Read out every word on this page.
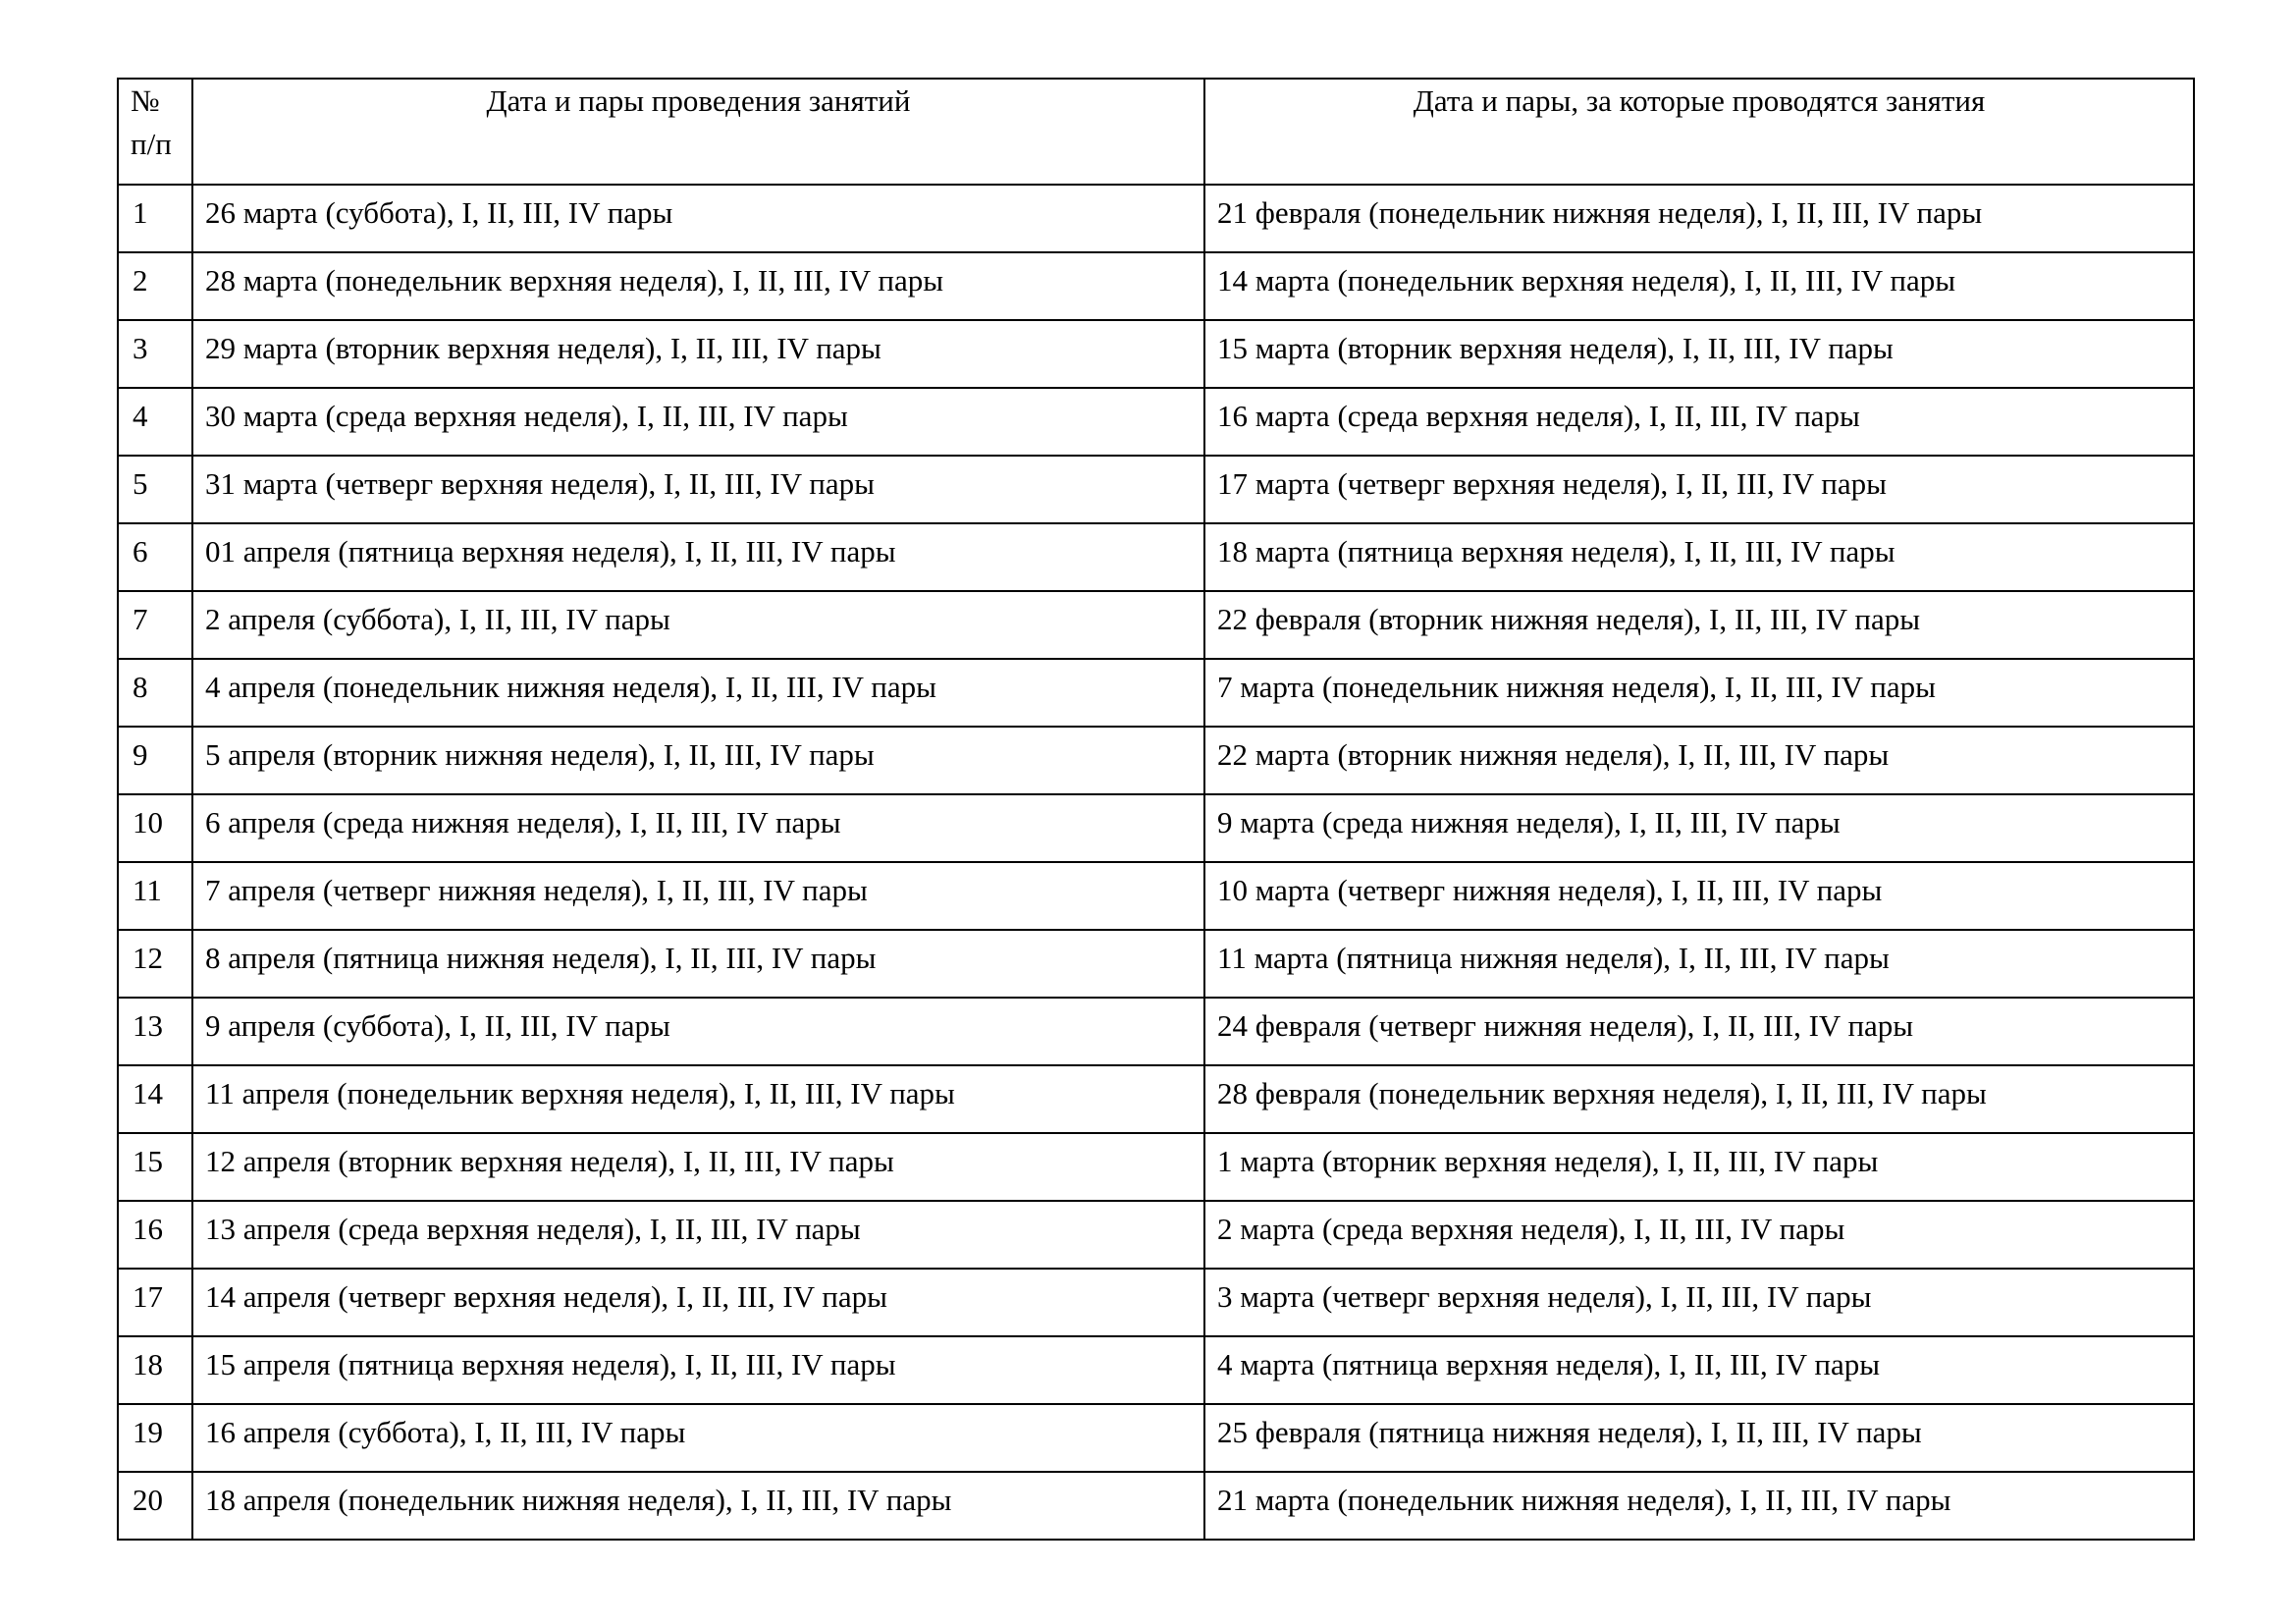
№
п/п	Дата и пары проведения занятий	Дата и пары, за которые проводятся занятия
1	26 марта (суббота), I, II, III, IV пары	21 февраля (понедельник нижняя неделя), I, II, III, IV пары
2	28 марта (понедельник верхняя неделя), I, II, III, IV пары	14 марта (понедельник верхняя неделя), I, II, III, IV пары
3	29 марта (вторник верхняя неделя), I, II, III, IV пары	15 марта (вторник верхняя неделя), I, II, III, IV пары
4	30 марта (среда верхняя неделя), I, II, III, IV пары	16 марта (среда верхняя неделя), I, II, III, IV пары
5	31 марта (четверг верхняя неделя), I, II, III, IV пары	17 марта (четверг верхняя неделя), I, II, III, IV пары
6	01 апреля (пятница верхняя неделя), I, II, III, IV пары	18 марта (пятница верхняя неделя), I, II, III, IV пары
7	2 апреля (суббота), I, II, III, IV пары	22 февраля (вторник нижняя неделя), I, II, III, IV пары
8	4 апреля (понедельник нижняя неделя), I, II, III, IV пары	7 марта (понедельник нижняя неделя), I, II, III, IV пары
9	5 апреля (вторник нижняя неделя), I, II, III, IV пары	22 марта (вторник нижняя неделя), I, II, III, IV пары
10	6 апреля (среда нижняя неделя), I, II, III, IV пары	9 марта (среда нижняя неделя), I, II, III, IV пары
11	7 апреля (четверг нижняя неделя), I, II, III, IV пары	10 марта (четверг нижняя неделя), I, II, III, IV пары
12	8 апреля (пятница нижняя неделя), I, II, III, IV пары	11 марта (пятница нижняя неделя), I, II, III, IV пары
13	9 апреля (суббота), I, II, III, IV пары	24 февраля (четверг нижняя неделя), I, II, III, IV пары
14	11 апреля (понедельник верхняя неделя), I, II, III, IV пары	28 февраля (понедельник верхняя неделя), I, II, III, IV пары
15	12 апреля (вторник верхняя неделя), I, II, III, IV пары	1 марта (вторник верхняя неделя), I, II, III, IV пары
16	13 апреля (среда верхняя неделя), I, II, III, IV пары	2 марта (среда верхняя неделя), I, II, III, IV пары
17	14 апреля (четверг верхняя неделя), I, II, III, IV пары	3 марта (четверг верхняя неделя), I, II, III, IV пары
18	15 апреля (пятница верхняя неделя), I, II, III, IV пары	4 марта (пятница верхняя неделя), I, II, III, IV пары
19	16 апреля (суббота), I, II, III, IV пары	25 февраля (пятница нижняя неделя), I, II, III, IV пары
20	18 апреля (понедельник нижняя неделя), I, II, III, IV пары	21 марта (понедельник нижняя неделя), I, II, III, IV пары
